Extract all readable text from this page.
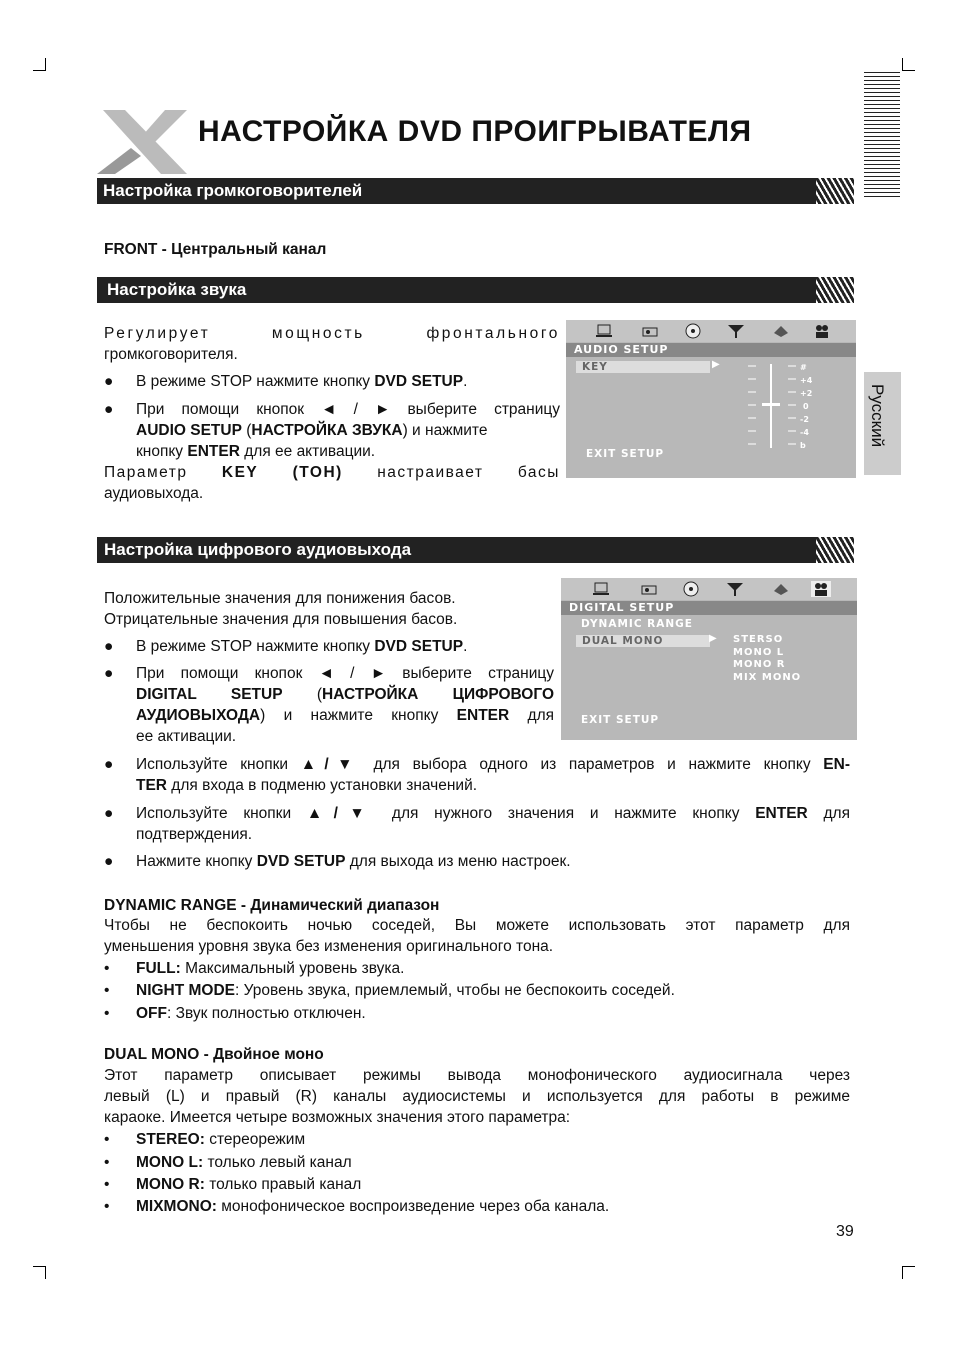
НАСТРОЙКА DVD ПРОИГРЫВАТЕЛЯ
Русский
Настройка громкоговорителей
FRONT - Центральный канал
Настройка звука
Регулирует мощность фронтального
громкоговорителя.
● В режиме STOP нажмите кнопку DVD SETUP.
● При помощи кнопок ◄ / ► выберите страницу
AUDIO SETUP (НАСТРОЙКА ЗВУКА) и нажмите
кнопку ENTER для ее активации.
Параметр KEY (ТОН) настраивает басы
аудиовыхода.
AUDIO SETUP
KEY	▶
EXIT SETUP
#
+4
+2
0
-2
-4
b
Настройка цифрового аудиовыхода
Положительные значения для понижения басов.
Отрицательные значения для повышения басов.
● В режиме STOP нажмите кнопку DVD SETUP.
● При помощи кнопок ◄ / ► выберите страницу
DIGITAL SETUP (НАСТРОЙКА ЦИФРОВОГО
АУДИОВЫХОДА) и нажмите кнопку ENTER для
ее активации.
● Используйте кнопки ▲/▼ для выбора одного из параметров и нажмите кнопку EN-
TER для входа в подменю установки значений.
● Используйте кнопки ▲/▼ для нужного значения и нажмите кнопку ENTER для
подтверждения.
● Нажмите кнопку DVD SETUP для выхода из меню настроек.
DIGITAL SETUP
DYNAMIC RANGE
DUAL MONO	▶ STERSO
MONO L
MONO R
MIX MONO
EXIT SETUP
DYNAMIC RANGE - Динамический диапазон
Чтобы не беспокоить ночью соседей, Вы можете использовать этот параметр для
уменьшения уровня звука без изменения оригинального тона.
• FULL: Максимальный уровень звука.
• NIGHT MODE: Уровень звука, приемлемый, чтобы не беспокоить соседей.
• OFF: Звук полностью отключен.
DUAL MONO - Двойное моно
Этот параметр описывает режимы вывода монофонического аудиосигнала через
левый (L) и правый (R) каналы аудиосистемы и используется для работы в режиме
караоке. Имеется четыре возможных значения этого параметра:
• STEREO: стереорежим
• MONO L: только левый канал
• MONO R: только правый канал
• MIXMONO: монофоническое воспроизведение через оба канала.
39
